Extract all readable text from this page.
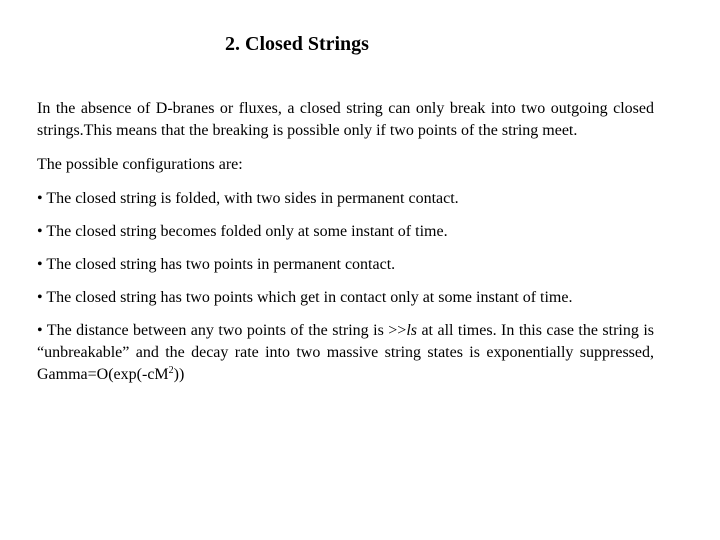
2. Closed Strings

In the absence of D-branes or fluxes, a closed string can only break into two outgoing closed strings.This means that the breaking is possible only if two points of the string meet.

The possible configurations are:

• The closed string is folded, with two sides in permanent contact.

• The closed string becomes folded only at some instant of time.

• The closed string has two points in permanent contact.

• The closed string has two points which get in contact only at some instant of time.

• The distance between any two points of the string is >>ls at all times. In this case the string is “unbreakable” and the decay rate into two massive string states is exponentially suppressed, $Gamma=O(\exp(-cM^2))$
